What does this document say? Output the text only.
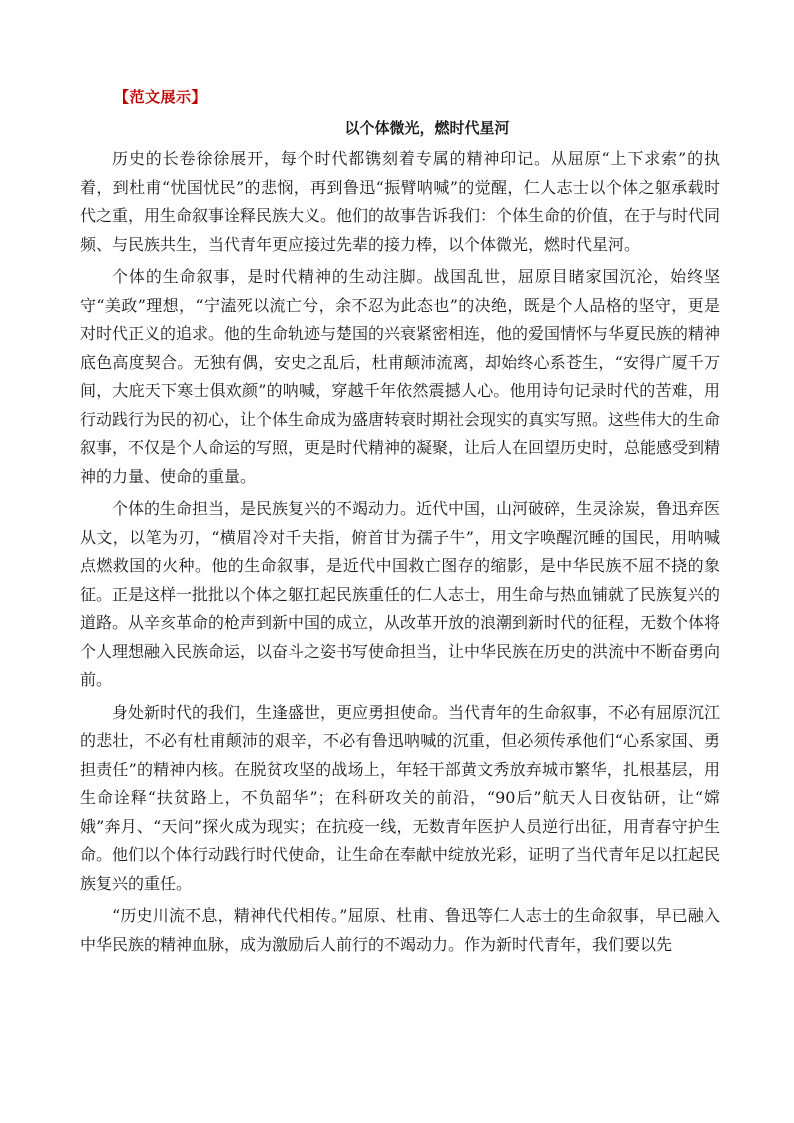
【范文展示】
以个体微光，燃时代星河

历史的长卷徐徐展开，每个时代都镌刻着专属的精神印记。从屈原“上下求索”的执着，到杜甫“忧国忧民”的悲悯，再到鲁迅“振臂呐喊”的觉醒，仁人志士以个体之躯承载时代之重，用生命叙事诠释民族大义。他们的故事告诉我们：个体生命的价值，在于与时代同频、与民族共生，当代青年更应接过先辈的接力棒，以个体微光，燃时代星河。

个体的生命叙事，是时代精神的生动注脚。战国乱世，屈原目睹家国沉沦，始终坚守“美政”理想，“宁溘死以流亡兮，余不忍为此态也”的决绝，既是个人品格的坚守，更是对时代正义的追求。他的生命轨迹与楚国的兴衰紧密相连，他的爱国情怀与华夏民族的精神底色高度契合。无独有偶，安史之乱后，杜甫颠沛流离，却始终心系苍生，“安得广厦千万间，大庇天下寒士俱欢颜”的呐喊，穿越千年依然震撼人心。他用诗句记录时代的苦难，用行动践行为民的初心，让个体生命成为盛唐转衰时期社会现实的真实写照。这些伟大的生命叙事，不仅是个人命运的写照，更是时代精神的凝聚，让后人在回望历史时，总能感受到精神的力量、使命的重量。

个体的生命担当，是民族复兴的不竭动力。近代中国，山河破碎，生灵涂炭，鲁迅弃医从文，以笔为刃，“横眉冷对千夫指，俯首甘为孺子牛”，用文字唤醒沉睡的国民，用呐喊点燃救国的火种。他的生命叙事，是近代中国救亡图存的缩影，是中华民族不屈不挠的象征。正是这样一批批以个体之躯扛起民族重任的仁人志士，用生命与热血铺就了民族复兴的道路。从辛亥革命的枪声到新中国的成立，从改革开放的浪潮到新时代的征程，无数个体将个人理想融入民族命运，以奋斗之姿书写使命担当，让中华民族在历史的洪流中不断奋勇向前。

身处新时代的我们，生逢盛世，更应勇担使命。当代青年的生命叙事，不必有屈原沉江的悲壮，不必有杜甫颠沛的艰辛，不必有鲁迅呐喊的沉重，但必须传承他们“心系家国、勇担责任”的精神内核。在脱贫攻坚的战场上，年轻干部黄文秀放弃城市繁华，扎根基层，用生命诠释“扶贫路上，不负韶华”；在科研攻关的前沿，“90后”航天人日夜钻研，让“嫦娥”奔月、“天问”探火成为现实；在抗疫一线，无数青年医护人员逆行出征，用青春守护生命。他们以个体行动践行时代使命，让生命在奉献中绽放光彩，证明了当代青年足以扛起民族复兴的重任。

“历史川流不息，精神代代相传。”屈原、杜甫、鲁迅等仁人志士的生命叙事，早已融入中华民族的精神血脉，成为激励后人前行的不竭动力。作为新时代青年，我们要以先
